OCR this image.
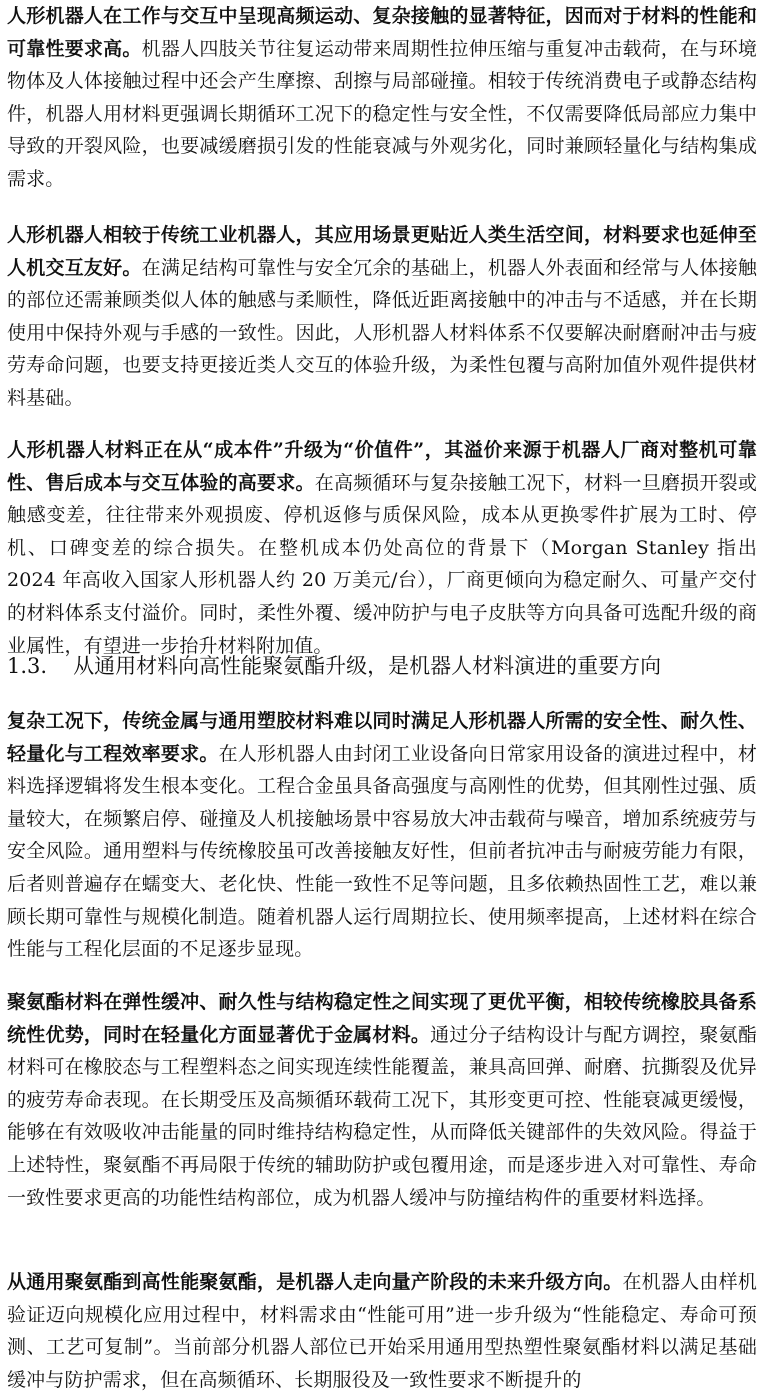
人形机器人在工作与交互中呈现高频运动、复杂接触的显著特征，因而对于材料的性能和可靠性要求高。机器人四肢关节往复运动带来周期性拉伸压缩与重复冲击载荷，在与环境物体及人体接触过程中还会产生摩擦、刮擦与局部碰撞。相较于传统消费电子或静态结构件，机器人用材料更强调长期循环工况下的稳定性与安全性，不仅需要降低局部应力集中导致的开裂风险，也要减缓磨损引发的性能衰减与外观劣化，同时兼顾轻量化与结构集成需求。

人形机器人相较于传统工业机器人，其应用场景更贴近人类生活空间，材料要求也延伸至人机交互友好。在满足结构可靠性与安全冗余的基础上，机器人外表面和经常与人体接触的部位还需兼顾类似人体的触感与柔顺性，降低近距离接触中的冲击与不适感，并在长期使用中保持外观与手感的一致性。因此，人形机器人材料体系不仅要解决耐磨耐冲击与疲劳寿命问题，也要支持更接近类人交互的体验升级，为柔性包覆与高附加值外观件提供材料基础。

人形机器人材料正在从“成本件”升级为“价值件”，其溢价来源于机器人厂商对整机可靠性、售后成本与交互体验的高要求。在高频循环与复杂接触工况下，材料一旦磨损开裂或触感变差，往往带来外观损废、停机返修与质保风险，成本从更换零件扩展为工时、停机、口碑变差的综合损失。在整机成本仍处高位的背景下（Morgan Stanley 指出 2024 年高收入国家人形机器人约 20 万美元/台），厂商更倾向为稳定耐久、可量产交付的材料体系支付溢价。同时，柔性外覆、缓冲防护与电子皮肤等方向具备可选配升级的商业属性，有望进一步抬升材料附加值。

1.3. 从通用材料向高性能聚氨酯升级，是机器人材料演进的重要方向

复杂工况下，传统金属与通用塑胶材料难以同时满足人形机器人所需的安全性、耐久性、轻量化与工程效率要求。在人形机器人由封闭工业设备向日常家用设备的演进过程中，材料选择逻辑将发生根本变化。工程合金虽具备高强度与高刚性的优势，但其刚性过强、质量较大，在频繁启停、碰撞及人机接触场景中容易放大冲击载荷与噪音，增加系统疲劳与安全风险。通用塑料与传统橡胶虽可改善接触友好性，但前者抗冲击与耐疲劳能力有限，后者则普遍存在蠕变大、老化快、性能一致性不足等问题，且多依赖热固性工艺，难以兼顾长期可靠性与规模化制造。随着机器人运行周期拉长、使用频率提高，上述材料在综合性能与工程化层面的不足逐步显现。

聚氨酯材料在弹性缓冲、耐久性与结构稳定性之间实现了更优平衡，相较传统橡胶具备系统性优势，同时在轻量化方面显著优于金属材料。通过分子结构设计与配方调控，聚氨酯材料可在橡胶态与工程塑料态之间实现连续性能覆盖，兼具高回弹、耐磨、抗撕裂及优异的疲劳寿命表现。在长期受压及高频循环载荷工况下，其形变更可控、性能衰减更缓慢，能够在有效吸收冲击能量的同时维持结构稳定性，从而降低关键部件的失效风险。得益于上述特性，聚氨酯不再局限于传统的辅助防护或包覆用途，而是逐步进入对可靠性、寿命一致性要求更高的功能性结构部位，成为机器人缓冲与防撞结构件的重要材料选择。

从通用聚氨酯到高性能聚氨酯，是机器人走向量产阶段的未来升级方向。在机器人由样机验证迈向规模化应用过程中，材料需求由“性能可用”进一步升级为“性能稳定、寿命可预测、工艺可复制”。当前部分机器人部位已开始采用通用型热塑性聚氨酯材料以满足基础缓冲与防护需求，但在高频循环、长期服役及一致性要求不断提升的
